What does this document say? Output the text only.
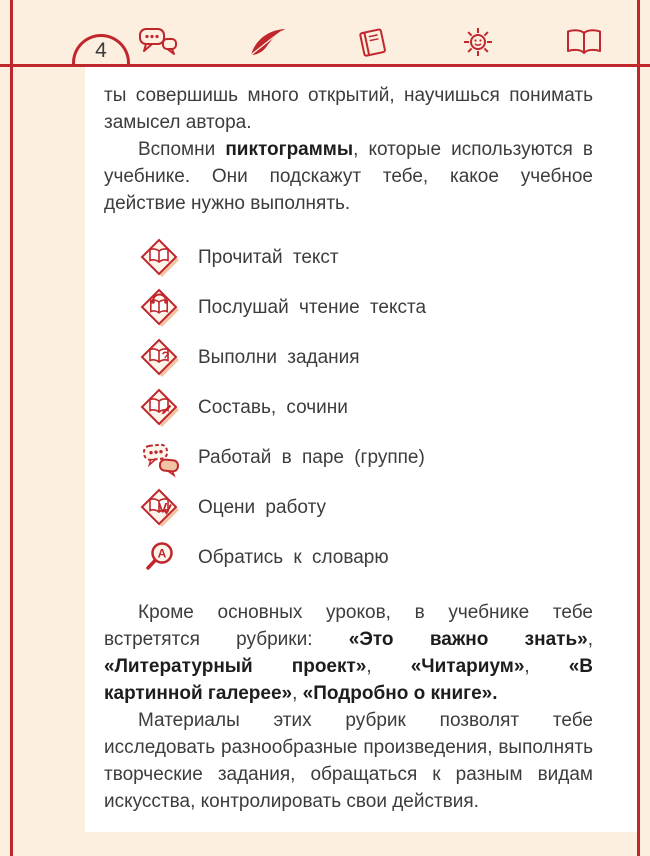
4

ты совершишь много открытий, научишься понимать замысел автора.

Вспомни пиктограммы, которые используются в учебнике. Они подскажут тебе, какое учебное действие нужно выполнять.

Прочитай текст
Послушай чтение текста
? Выполни задания
Составь, сочини
Работай в паре (группе)
V Оцени работу
А Обратись к словарю

Кроме основных уроков, в учебнике тебе встретятся рубрики: «Это важно знать», «Литературный проект», «Читариум», «В картинной галерее», «Подробно о книге».

Материалы этих рубрик позволят тебе исследовать разнообразные произведения, выполнять творческие задания, обращаться к разным видам искусства, контролировать свои действия.
